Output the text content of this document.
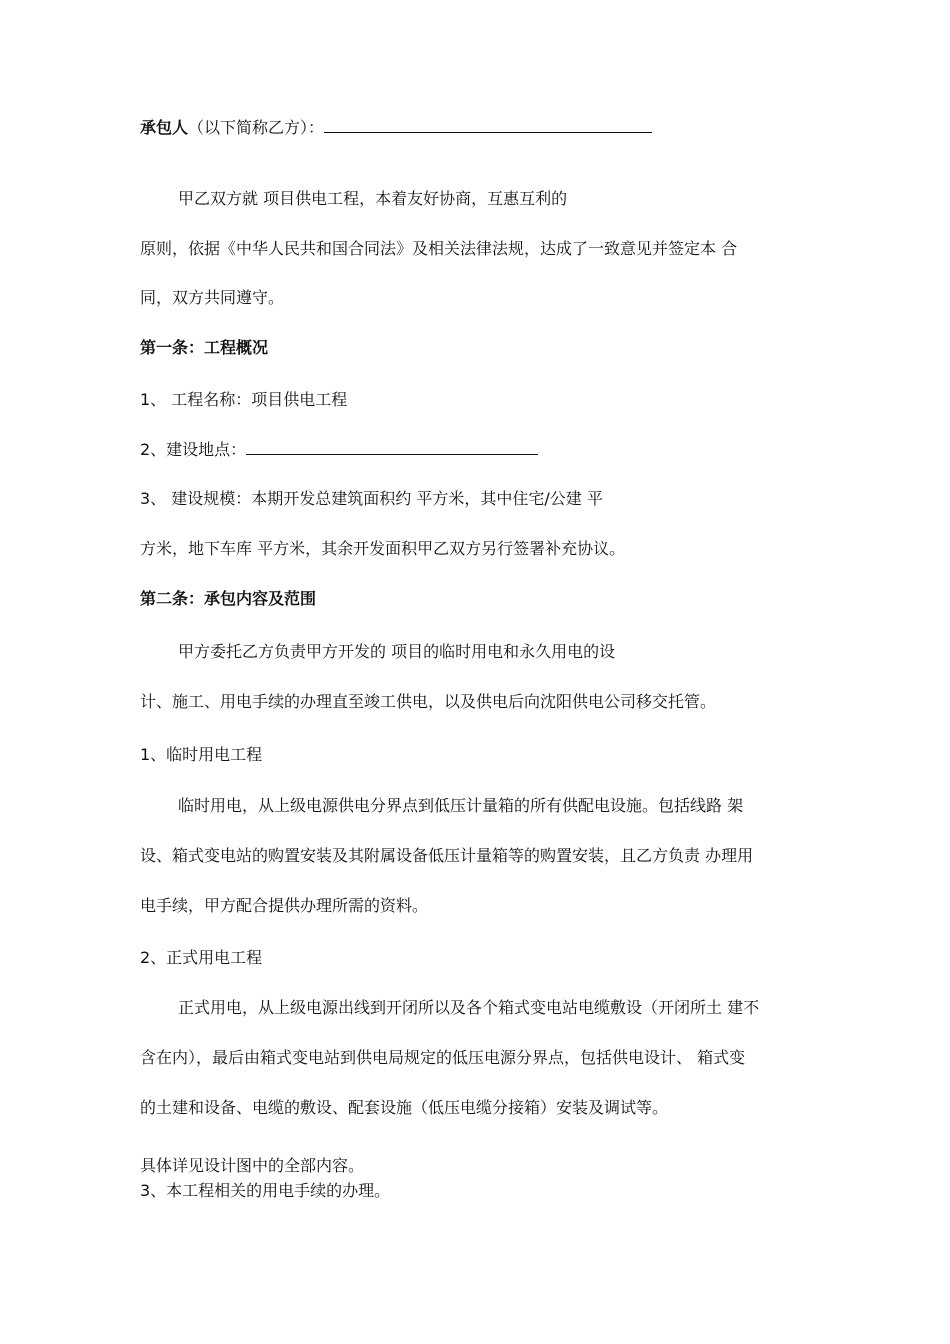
承包人（以下简称乙方）：
甲乙双方就 项目供电工程，本着友好协商，互惠互利的
原则，依据《中华人民共和国合同法》及相关法律法规，达成了一致意见并签定本 合
同，双方共同遵守。
第一条：工程概况
1、 工程名称：项目供电工程
2、建设地点：
3、 建设规模：本期开发总建筑面积约 平方米，其中住宅/公建 平
方米，地下车库 平方米，其余开发面积甲乙双方另行签署补充协议。
第二条：承包内容及范围
甲方委托乙方负责甲方开发的 项目的临时用电和永久用电的设
计、施工、用电手续的办理直至竣工供电，以及供电后向沈阳供电公司移交托管。
1、临时用电工程
临时用电，从上级电源供电分界点到低压计量箱的所有供配电设施。包括线路 架
设、箱式变电站的购置安装及其附属设备低压计量箱等的购置安装，且乙方负责 办理用
电手续，甲方配合提供办理所需的资料。
2、正式用电工程
正式用电，从上级电源出线到开闭所以及各个箱式变电站电缆敷设（开闭所土 建不
含在内），最后由箱式变电站到供电局规定的低压电源分界点，包括供电设计、 箱式变
的土建和设备、电缆的敷设、配套设施（低压电缆分接箱）安装及调试等。
具体详见设计图中的全部内容。
3、本工程相关的用电手续的办理。
